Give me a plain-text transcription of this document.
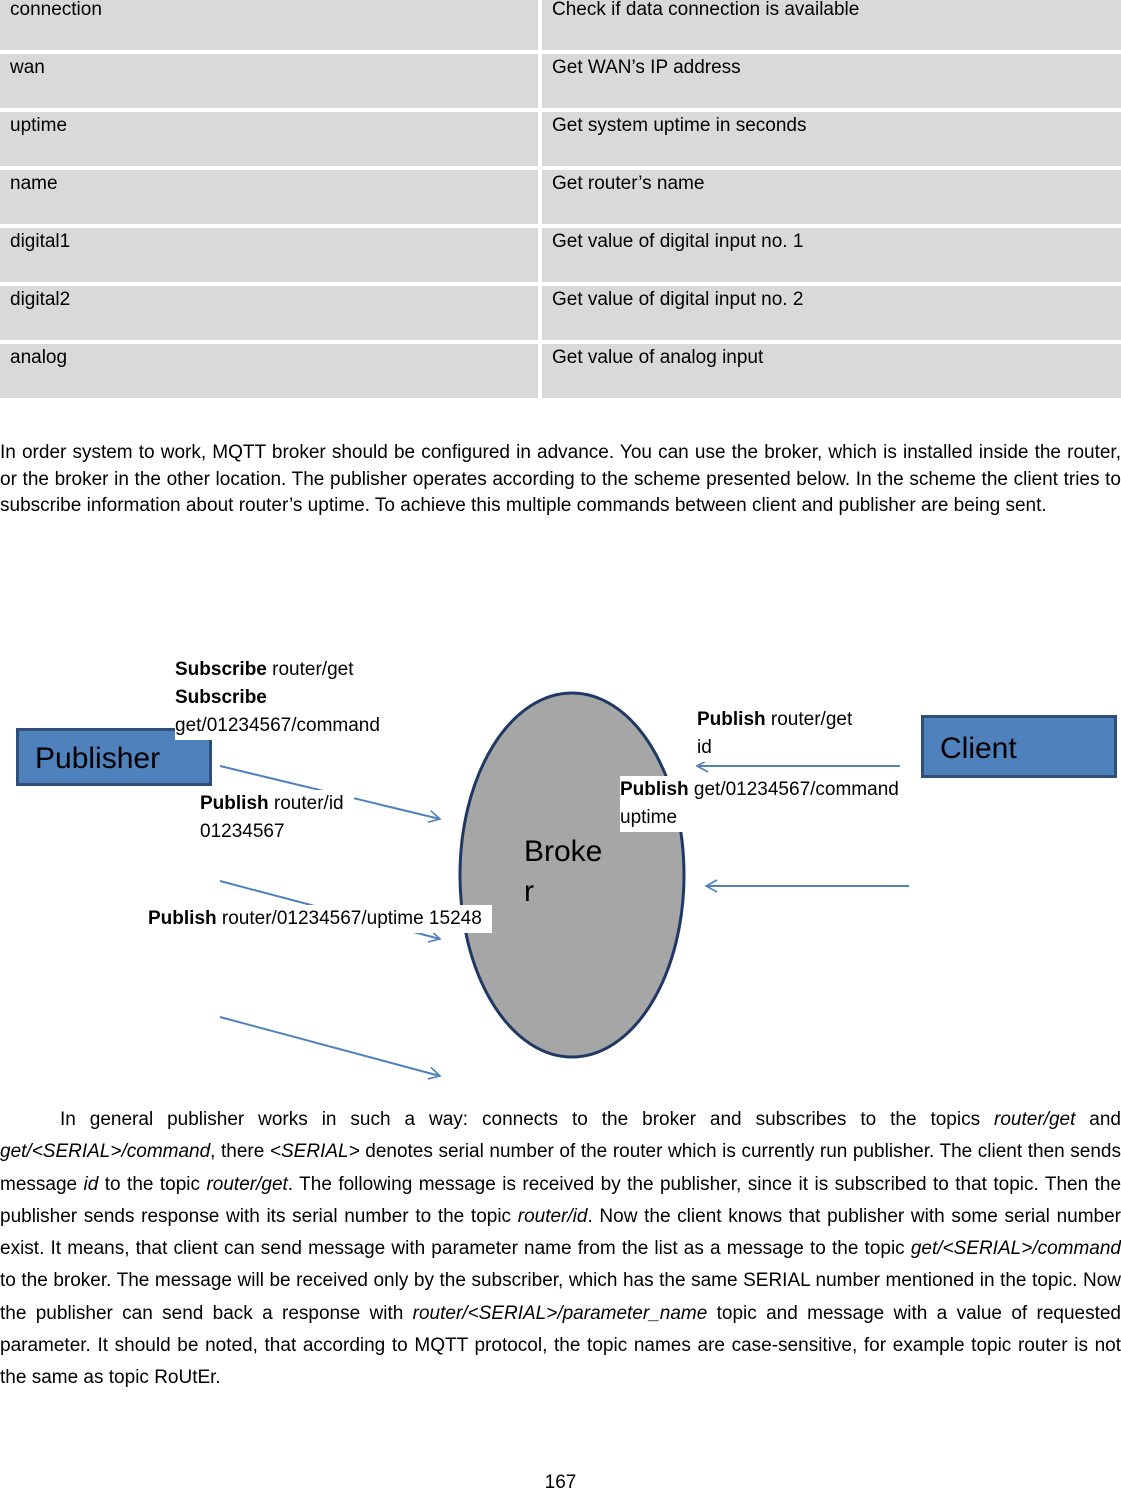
connection	Check if data connection is available
wan	Get WAN’s IP address
uptime	Get system uptime in seconds
name	Get router’s name
digital1	Get value of digital input no. 1
digital2	Get value of digital input no. 2
analog	Get value of analog input
In order system to work, MQTT broker should be configured in advance. You can use the broker, which is installed inside the router, or the broker in the other location. The publisher operates according to the scheme presented below. In the scheme the client tries to subscribe information about router’s uptime. To achieve this multiple commands between client and publisher are being sent.
Publisher	Client
Broke
r
Subscribe router/get
Subscribe
get/01234567/command
Publish router/id
01234567
Publish router/01234567/uptime 15248
Publish router/get
id
Publish get/01234567/command
uptime
In general publisher works in such a way: connects to the broker and subscribes to the topics router/get and get/<SERIAL>/command, there <SERIAL> denotes serial number of the router which is currently run publisher. The client then sends message id to the topic router/get. The following message is received by the publisher, since it is subscribed to that topic. Then the publisher sends response with its serial number to the topic router/id. Now the client knows that publisher with some serial number exist. It means, that client can send message with parameter name from the list as a message to the topic get/<SERIAL>/command to the broker. The message will be received only by the subscriber, which has the same SERIAL number mentioned in the topic. Now the publisher can send back a response with router/<SERIAL>/parameter_name topic and message with a value of requested parameter. It should be noted, that according to MQTT protocol, the topic names are case-sensitive, for example topic router is not the same as topic RoUtEr.
167
